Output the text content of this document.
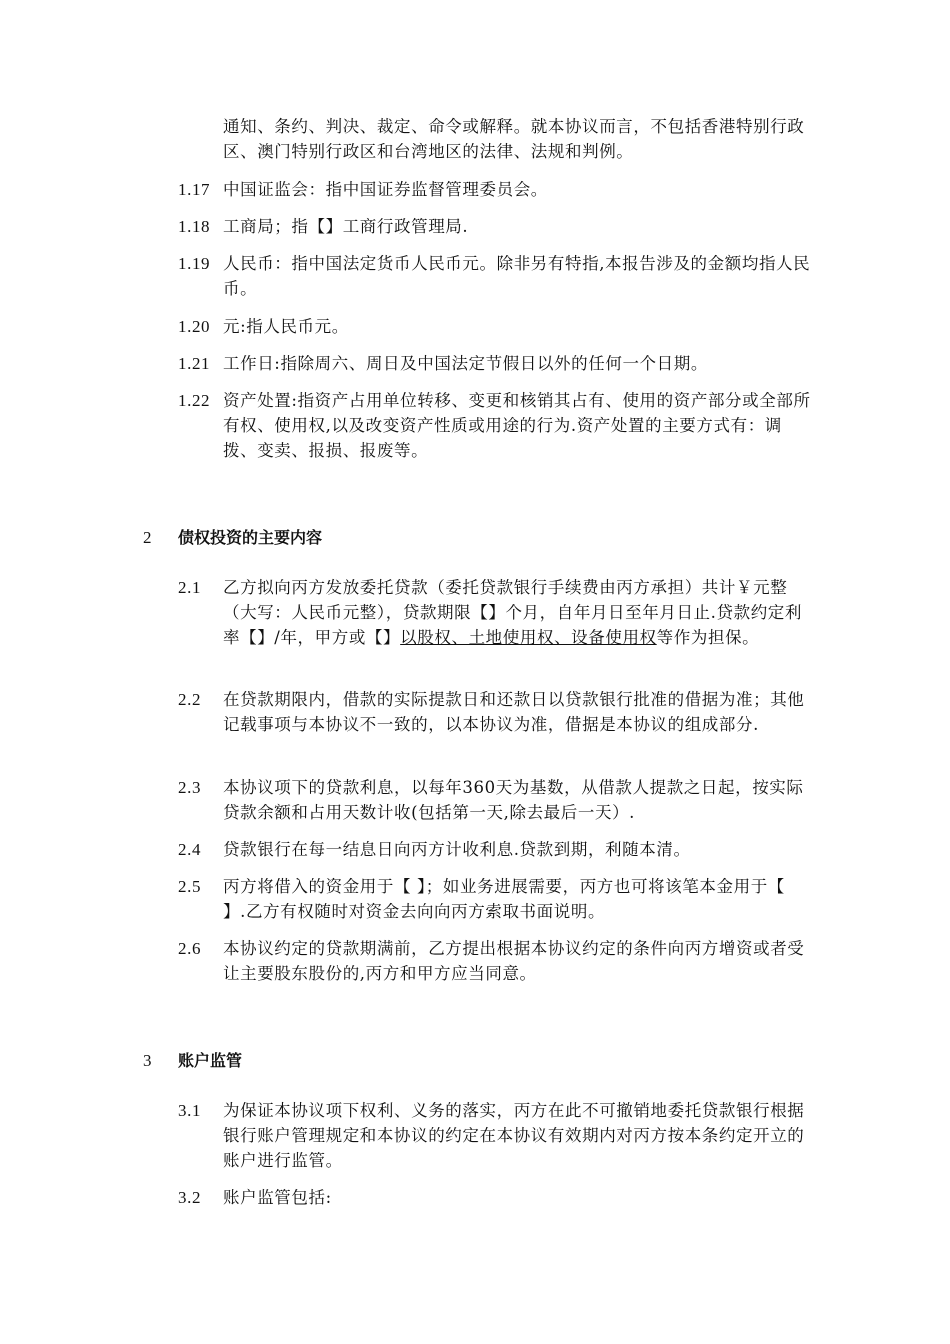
通知、条约、判决、裁定、命令或解释。就本协议而言，不包括香港特别行政区、澳门特别行政区和台湾地区的法律、法规和判例。
1.17 中国证监会：指中国证券监督管理委员会。
1.18 工商局；指【】工商行政管理局.
1.19 人民币：指中国法定货币人民币元。除非另有特指,本报告涉及的金额均指人民币。
1.20 元:指人民币元。
1.21 工作日:指除周六、周日及中国法定节假日以外的任何一个日期。
1.22 资产处置:指资产占用单位转移、变更和核销其占有、使用的资产部分或全部所有权、使用权,以及改变资产性质或用途的行为.资产处置的主要方式有：调拨、变卖、报损、报废等。
2 债权投资的主要内容
2.1 乙方拟向丙方发放委托贷款（委托贷款银行手续费由丙方承担）共计￥元整（大写：人民币元整），贷款期限【】个月，自年月日至年月日止.贷款约定利率【】/年，甲方或【】以股权、土地使用权、设备使用权等作为担保。
2.2 在贷款期限内，借款的实际提款日和还款日以贷款银行批准的借据为准；其他记载事项与本协议不一致的，以本协议为准，借据是本协议的组成部分.
2.3 本协议项下的贷款利息，以每年360天为基数，从借款人提款之日起，按实际贷款余额和占用天数计收(包括第一天,除去最后一天）.
2.4 贷款银行在每一结息日向丙方计收利息.贷款到期，利随本清。
2.5 丙方将借入的资金用于【 】；如业务进展需要，丙方也可将该笔本金用于【 】.乙方有权随时对资金去向向丙方索取书面说明。
2.6 本协议约定的贷款期满前，乙方提出根据本协议约定的条件向丙方增资或者受让主要股东股份的,丙方和甲方应当同意。
3 账户监管
3.1 为保证本协议项下权利、义务的落实，丙方在此不可撤销地委托贷款银行根据银行账户管理规定和本协议的约定在本协议有效期内对丙方按本条约定开立的账户进行监管。
3.2 账户监管包括:
